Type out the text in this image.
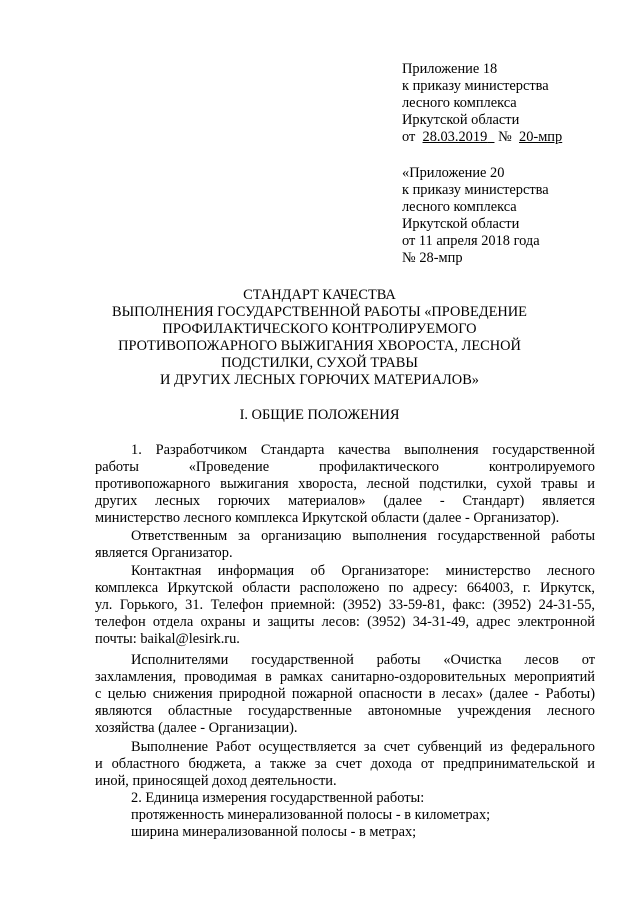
Приложение 18
к приказу министерства
лесного комплекса
Иркутской области
от 28.03.2019 № 20-мпр
«Приложение 20
к приказу министерства
лесного комплекса
Иркутской области
от 11 апреля 2018 года
№ 28-мпр
СТАНДАРТ КАЧЕСТВА
ВЫПОЛНЕНИЯ ГОСУДАРСТВЕННОЙ РАБОТЫ «ПРОВЕДЕНИЕ
ПРОФИЛАКТИЧЕСКОГО КОНТРОЛИРУЕМОГО
ПРОТИВОПОЖАРНОГО ВЫЖИГАНИЯ ХВОРОСТА, ЛЕСНОЙ
ПОДСТИЛКИ, СУХОЙ ТРАВЫ
И ДРУГИХ ЛЕСНЫХ ГОРЮЧИХ МАТЕРИАЛОВ»
I. ОБЩИЕ ПОЛОЖЕНИЯ
1. Разработчиком Стандарта качества выполнения государственной
работы «Проведение профилактического контролируемого
противопожарного выжигания хвороста, лесной подстилки, сухой травы и
других лесных горючих материалов» (далее - Стандарт) является
министерство лесного комплекса Иркутской области (далее - Организатор).
Ответственным за организацию выполнения государственной работы
является Организатор.
Контактная информация об Организаторе: министерство лесного
комплекса Иркутской области расположено по адресу: 664003, г. Иркутск,
ул. Горького, 31. Телефон приемной: (3952) 33-59-81, факс: (3952) 24-31-55,
телефон отдела охраны и защиты лесов: (3952) 34-31-49, адрес электронной
почты: baikal@lesirk.ru.
Исполнителями государственной работы «Очистка лесов от
захламления, проводимая в рамках санитарно-оздоровительных мероприятий
с целью снижения природной пожарной опасности в лесах» (далее - Работы)
являются областные государственные автономные учреждения лесного
хозяйства (далее - Организации).
Выполнение Работ осуществляется за счет субвенций из федерального
и областного бюджета, а также за счет дохода от предпринимательской и
иной, приносящей доход деятельности.
2. Единица измерения государственной работы:
протяженность минерализованной полосы - в километрах;
ширина минерализованной полосы - в метрах;
